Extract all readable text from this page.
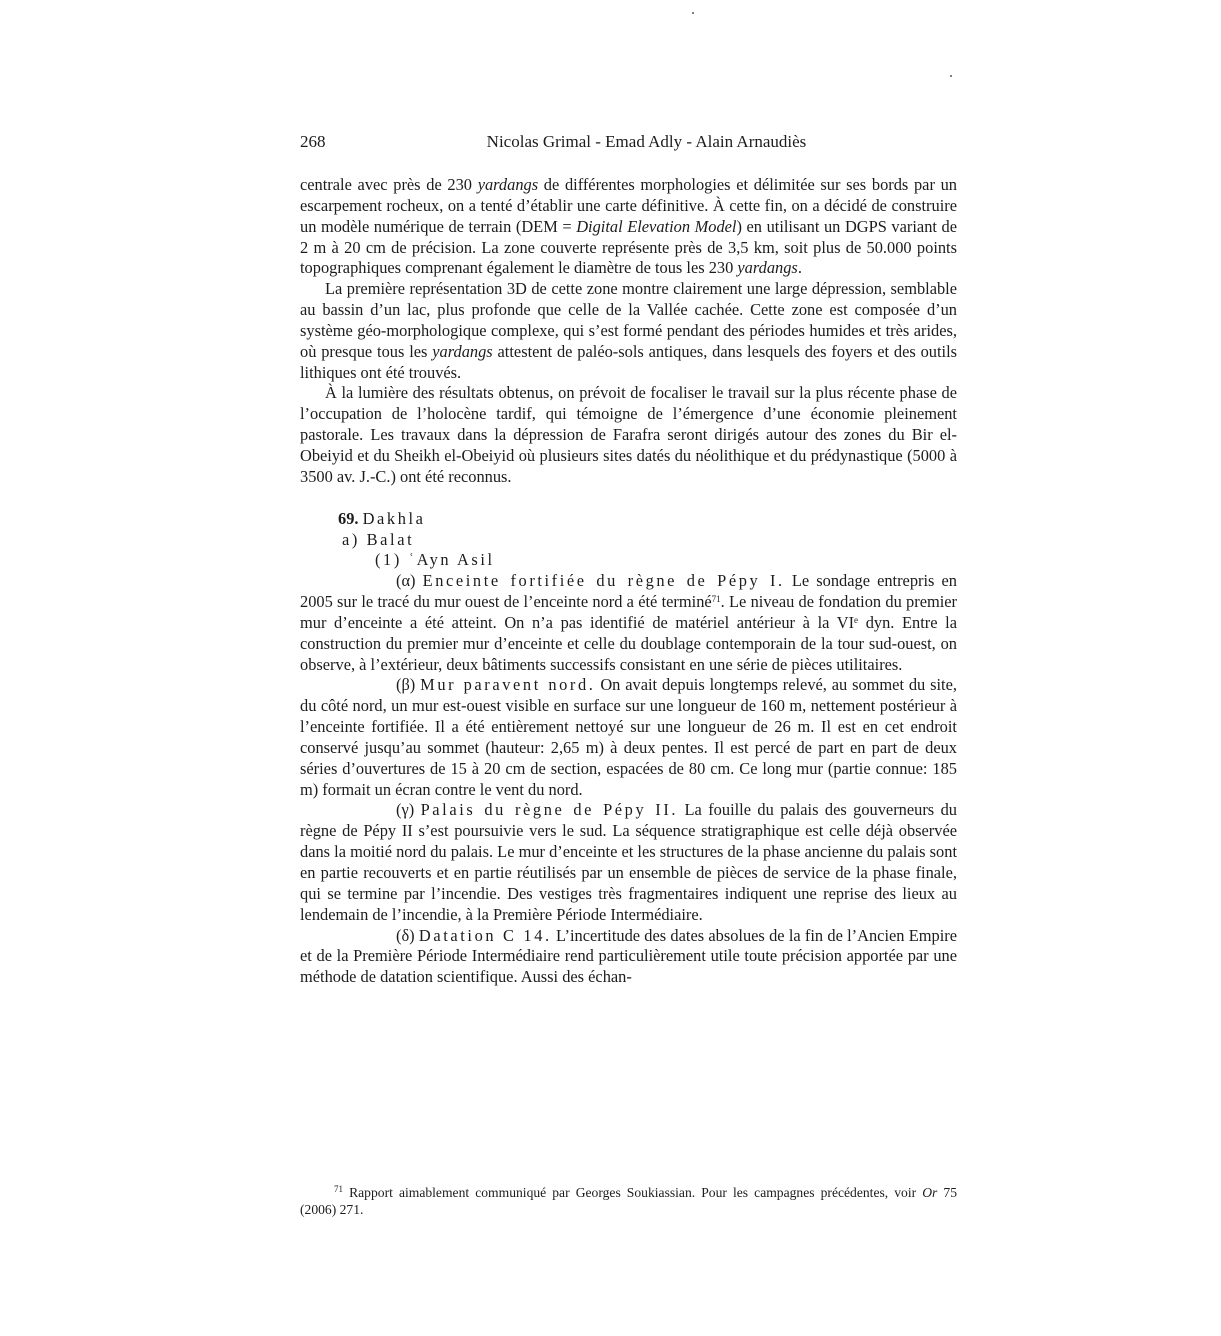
268	Nicolas Grimal - Emad Adly - Alain Arnaudiès

centrale avec près de 230 yardangs de différentes morphologies et délimitée sur ses bords par un escarpement rocheux, on a tenté d’établir une carte définitive. À cette fin, on a décidé de construire un modèle numérique de terrain (DEM = Digital Elevation Model) en utilisant un DGPS variant de 2 m à 20 cm de précision. La zone couverte représente près de 3,5 km, soit plus de 50.000 points topographiques comprenant également le diamètre de tous les 230 yardangs.

La première représentation 3D de cette zone montre clairement une large dépression, semblable au bassin d’un lac, plus profonde que celle de la Vallée cachée. Cette zone est composée d’un système géo-morphologique complexe, qui s’est formé pendant des périodes humides et très arides, où presque tous les yardangs attestent de paléo-sols antiques, dans lesquels des foyers et des outils lithiques ont été trouvés.

À la lumière des résultats obtenus, on prévoit de focaliser le travail sur la plus récente phase de l’occupation de l’holocène tardif, qui témoigne de l’émergence d’une économie pleinement pastorale. Les travaux dans la dépression de Farafra seront dirigés autour des zones du Bir el-Obeiyid et du Sheikh el-Obeiyid où plusieurs sites datés du néolithique et du prédynastique (5000 à 3500 av. J.-C.) ont été reconnus.

69. Dakhla
a) Balat
(1) ʿAyn Asil

(α) Enceinte fortifiée du règne de Pépy I. Le sondage entrepris en 2005 sur le tracé du mur ouest de l’enceinte nord a été terminé$^{71}$. Le niveau de fondation du premier mur d’enceinte a été atteint. On n’a pas identifié de matériel antérieur à la VIe dyn. Entre la construction du premier mur d’enceinte et celle du doublage contemporain de la tour sud-ouest, on observe, à l’extérieur, deux bâtiments successifs consistant en une série de pièces utilitaires.

(β) Mur paravent nord. On avait depuis longtemps relevé, au sommet du site, du côté nord, un mur est-ouest visible en surface sur une longueur de 160 m, nettement postérieur à l’enceinte fortifiée. Il a été entièrement nettoyé sur une longueur de 26 m. Il est en cet endroit conservé jusqu’au sommet (hauteur: 2,65 m) à deux pentes. Il est percé de part en part de deux séries d’ouvertures de 15 à 20 cm de section, espacées de 80 cm. Ce long mur (partie connue: 185 m) formait un écran contre le vent du nord.

(γ) Palais du règne de Pépy II. La fouille du palais des gouverneurs du règne de Pépy II s’est poursuivie vers le sud. La séquence stratigraphique est celle déjà observée dans la moitié nord du palais. Le mur d’enceinte et les structures de la phase ancienne du palais sont en partie recouverts et en partie réutilisés par un ensemble de pièces de service de la phase finale, qui se termine par l’incendie. Des vestiges très fragmentaires indiquent une reprise des lieux au lendemain de l’incendie, à la Première Période Intermédiaire.

(δ) Datation C 14. L’incertitude des dates absolues de la fin de l’Ancien Empire et de la Première Période Intermédiaire rend particulièrement utile toute précision apportée par une méthode de datation scientifique. Aussi des échan-

$^{71}$ Rapport aimablement communiqué par Georges Soukiassian. Pour les campagnes précédentes, voir Or 75 (2006) 271.
